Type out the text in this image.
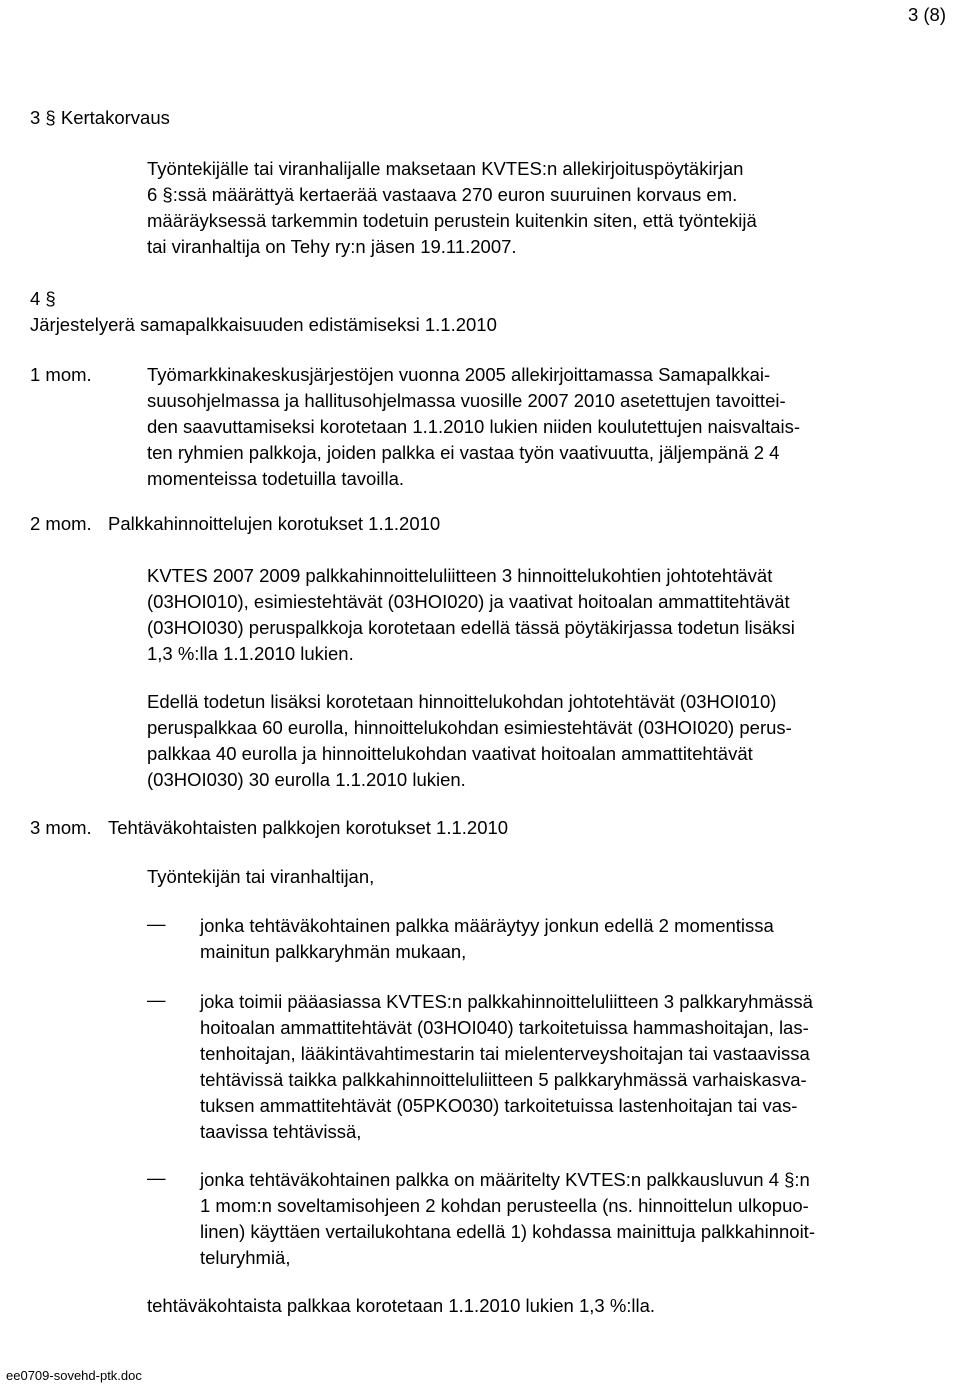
3 (8)
3 § Kertakorvaus
Työntekijälle tai viranhalijalle maksetaan KVTES:n allekirjoituspöytäkirjan
6 §:ssä määrättyä kertaerää vastaava 270 euron suuruinen korvaus em.
määräyksessä tarkemmin todetuin perustein kuitenkin siten, että työntekijä
tai viranhaltija on Tehy ry:n jäsen 19.11.2007.
4 §
Järjestelyerä samapalkkaisuuden edistämiseksi 1.1.2010
1 mom.	Työmarkkinakeskusjärjestöjen vuonna 2005 allekirjoittamassa Samapalkkai-
suusohjelmassa ja hallitusohjelmassa vuosille 2007 2010 asetettujen tavoittei-
den saavuttamiseksi korotetaan 1.1.2010 lukien niiden koulutettujen naisvaltais-
ten ryhmien palkkoja, joiden palkka ei vastaa työn vaativuutta, jäljempänä 2 4
momenteissa todetuilla tavoilla.
2 mom. Palkkahinnoittelujen korotukset 1.1.2010
KVTES 2007 2009 palkkahinnoitteluliitteen 3 hinnoittelukohtien johtotehtävät
(03HOI010), esimiestehtävät (03HOI020) ja vaativat hoitoalan ammattitehtävät
(03HOI030) peruspalkkoja korotetaan edellä tässä pöytäkirjassa todetun lisäksi
1,3 %:lla 1.1.2010 lukien.
Edellä todetun lisäksi korotetaan hinnoittelukohdan johtotehtävät (03HOI010)
peruspalkkaa 60 eurolla, hinnoittelukohdan esimiestehtävät (03HOI020) perus-
palkkaa 40 eurolla ja hinnoittelukohdan vaativat hoitoalan ammattitehtävät
(03HOI030) 30 eurolla 1.1.2010 lukien.
3 mom. Tehtäväkohtaisten palkkojen korotukset 1.1.2010
Työntekijän tai viranhaltijan,
— jonka tehtäväkohtainen palkka määräytyy jonkun edellä 2 momentissa
mainitun palkkaryhmän mukaan,
— joka toimii pääasiassa KVTES:n palkkahinnoitteluliitteen 3 palkkaryhmässä
hoitoalan ammattitehtävät (03HOI040) tarkoitetuissa hammashoitajan, las-
tenhoitajan, lääkintävahtimestarin tai mielenterveyshoitajan tai vastaavissa
tehtävissä taikka palkkahinnoitteluliitteen 5 palkkaryhmässä varhaiskasva-
tuksen ammattitehtävät (05PKO030) tarkoitetuissa lastenhoitajan tai vas-
taavissa tehtävissä,
— jonka tehtäväkohtainen palkka on määritelty KVTES:n palkkausluvun 4 §:n
1 mom:n soveltamisohjeen 2 kohdan perusteella (ns. hinnoittelun ulkopuo-
linen) käyttäen vertailukohtana edellä 1) kohdassa mainittuja palkkahinnoit-
teluryhmiä,
tehtäväkohtaista palkkaa korotetaan 1.1.2010 lukien 1,3 %:lla.
ee0709-sovehd-ptk.doc
